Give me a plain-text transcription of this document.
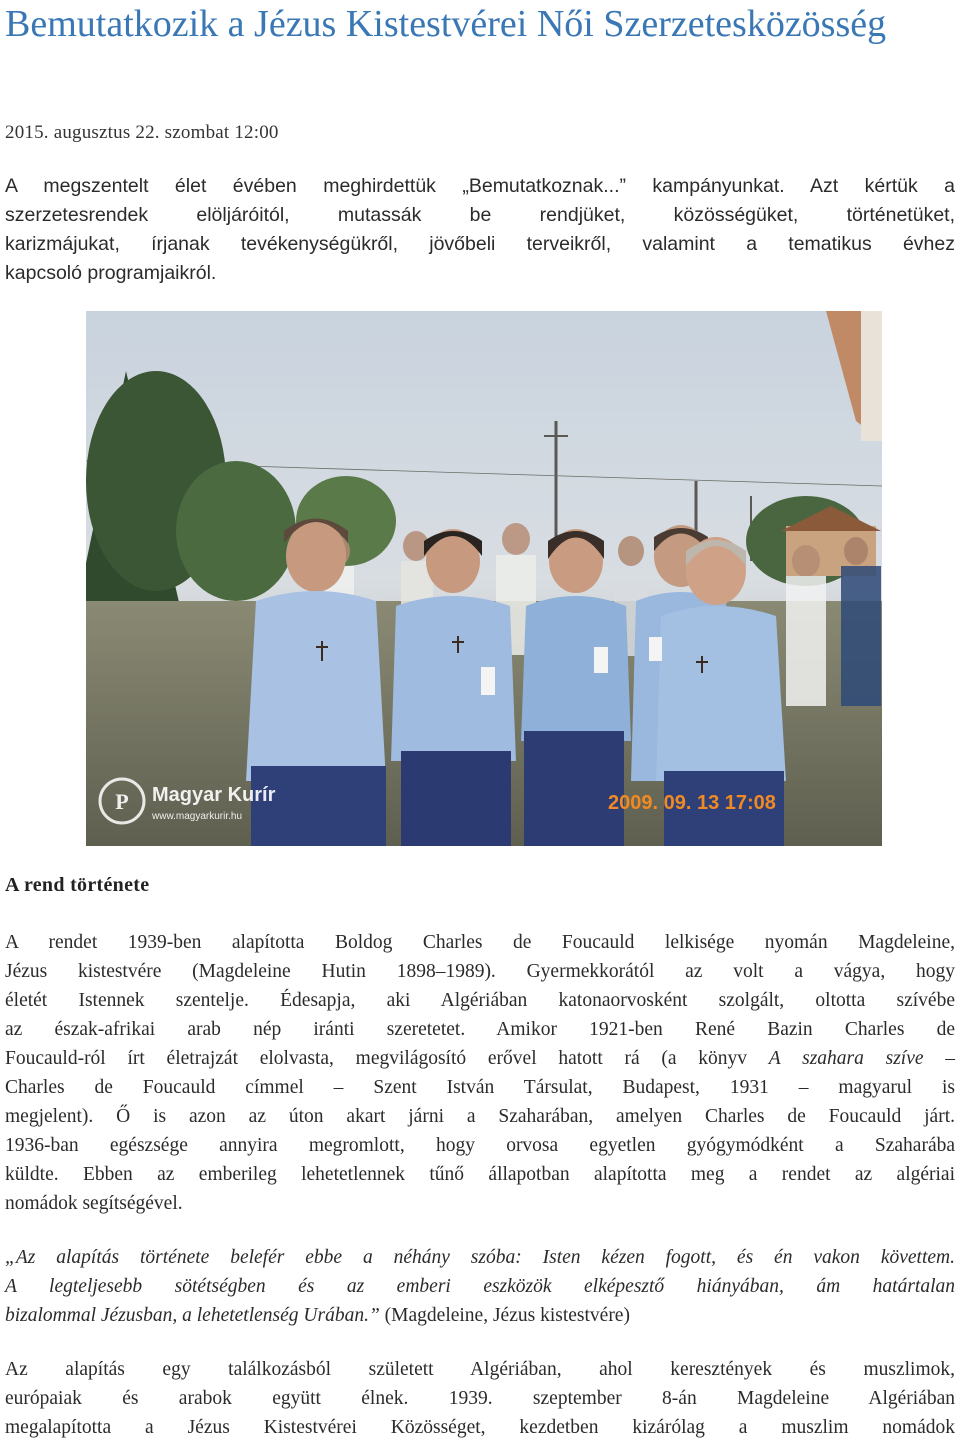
Bemutatkozik a Jézus Kistestvérei Női Szerzetesközösség
2015. augusztus 22. szombat 12:00
A megszentelt élet évében meghirdettük „Bemutatkoznak...” kampányunkat. Azt kértük a
szerzetesrendek elöljáróitól, mutassák be rendjüket, közösségüket, történetüket,
karizmájukat, írjanak tevékenységükről, jövőbeli terveikről, valamint a tematikus évhez
kapcsoló programjaikról.
P Magyar Kurír
www.magyarkurir.hu
2009. 09. 13 17:08
A rend története
A rendet 1939-ben alapította Boldog Charles de Foucauld lelkisége nyomán Magdeleine,
Jézus kistestvére (Magdeleine Hutin 1898–1989). Gyermekkorától az volt a vágya, hogy
életét Istennek szentelje. Édesapja, aki Algériában katonaorvosként szolgált, oltotta szívébe
az észak-afrikai arab nép iránti szeretetet. Amikor 1921-ben René Bazin Charles de
Foucauld-ról írt életrajzát elolvasta, megvilágosító erővel hatott rá (a könyv A szahara szíve –
Charles de Foucauld címmel – Szent István Társulat, Budapest, 1931 – magyarul is
megjelent). Ő is azon az úton akart járni a Szaharában, amelyen Charles de Foucauld járt.
1936-ban egészsége annyira megromlott, hogy orvosa egyetlen gyógymódként a Szaharába
küldte. Ebben az emberileg lehetetlennek tűnő állapotban alapította meg a rendet az algériai
nomádok segítségével.
„Az alapítás története belefér ebbe a néhány szóba: Isten kézen fogott, és én vakon követtem.
A legteljesebb sötétségben és az emberi eszközök elképesztő hiányában, ám határtalan
bizalommal Jézusban, a lehetetlenség Urában.” (Magdeleine, Jézus kistestvére)
Az alapítás egy találkozásból született Algériában, ahol keresztények és muszlimok,
európaiak és arabok együtt élnek. 1939. szeptember 8-án Magdeleine Algériában
megalapította a Jézus Kistestvérei Közösséget, kezdetben kizárólag a muszlim nomádok
